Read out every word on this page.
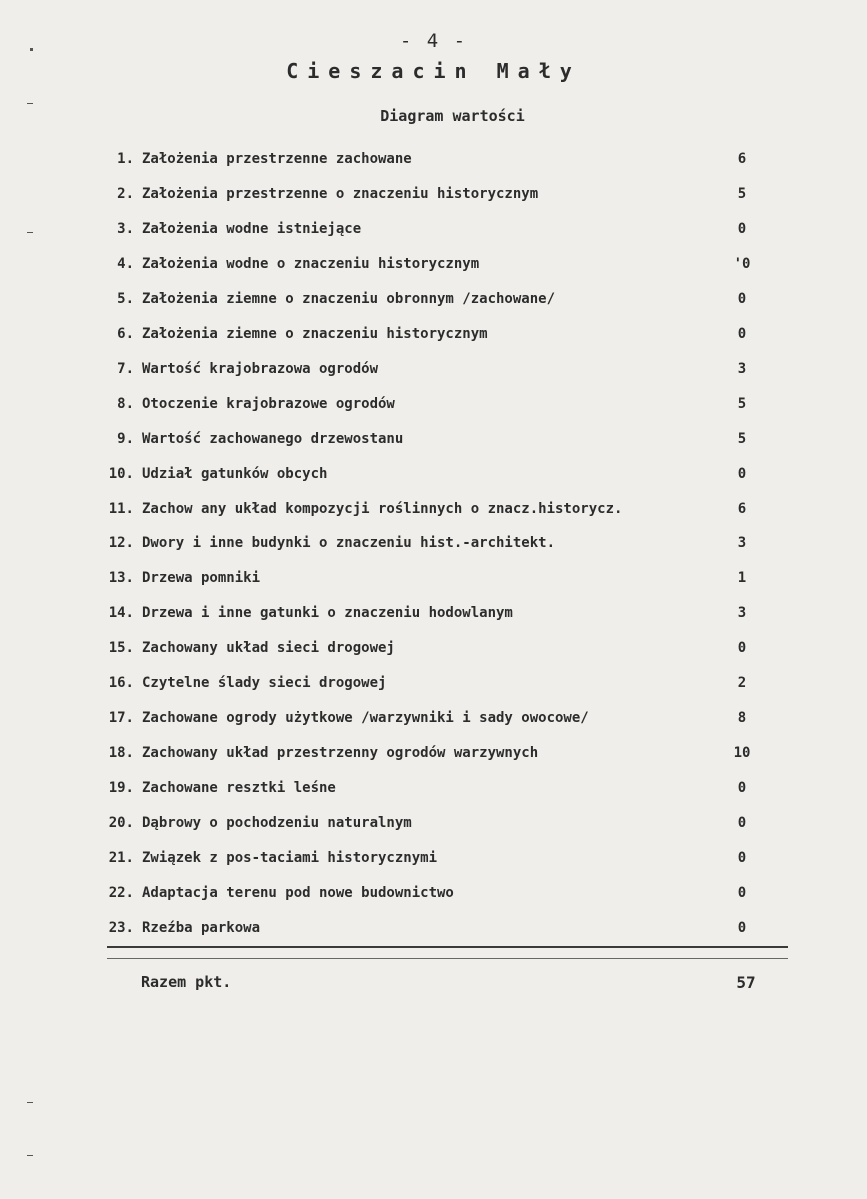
- 4 -
Cieszacin Mały
Diagram wartości
1. Założenia przestrzenne zachowane	6
2. Założenia przestrzenne o znaczeniu historycznym	5
3. Założenia wodne istniejące	0
4. Założenia wodne o znaczeniu historycznym	'0
5. Założenia ziemne o znaczeniu obronnym /zachowane/	0
6. Założenia ziemne o znaczeniu historycznym	0
7. Wartość krajobrazowa ogrodów	3
8. Otoczenie krajobrazowe ogrodów	5
9. Wartość zachowanego drzewostanu	5
10. Udział gatunków obcych	0
11. Zachow any układ kompozycji roślinnych o znacz.historycz.	6
12. Dwory i inne budynki o znaczeniu hist.-architekt.	3
13. Drzewa pomniki	1
14. Drzewa i inne gatunki o znaczeniu hodowlanym	3
15. Zachowany układ sieci drogowej	0
16. Czytelne ślady sieci drogowej	2
17. Zachowane ogrody użytkowe /warzywniki i sady owocowe/	8
18. Zachowany układ przestrzenny ogrodów warzywnych	10
19. Zachowane resztki leśne	0
20. Dąbrowy o pochodzeniu naturalnym	0
21. Związek z pos-taciami historycznymi	0
22. Adaptacja terenu pod nowe budownictwo	0
23. Rzeźba parkowa	0
Razem pkt.	57
